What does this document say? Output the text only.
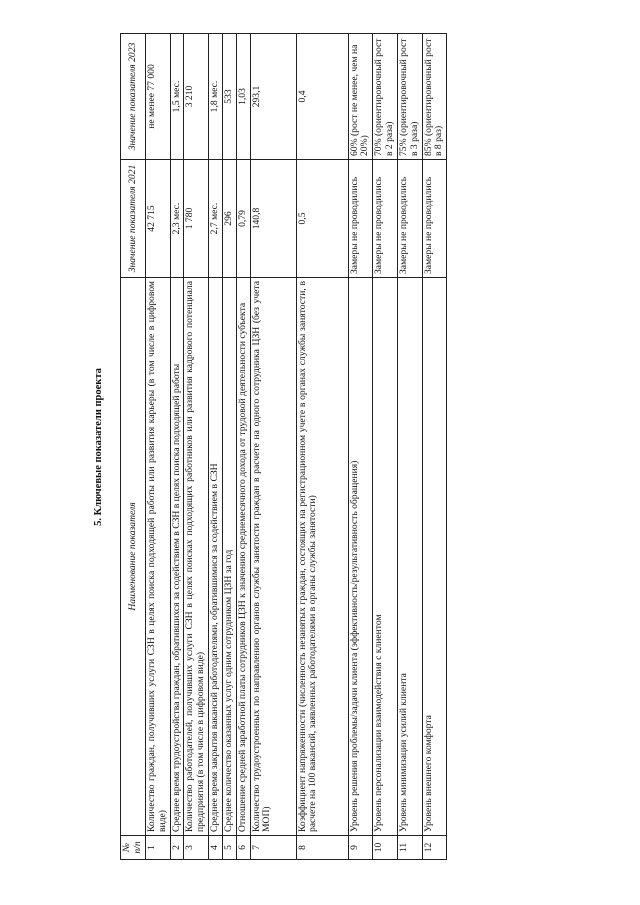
5. Ключевые показатели проекта
№ п/п	Наименование показателя	Значение показателя 2021	Значение показателя 2023
1	Количество граждан, получивших услуги СЗН в целях поиска подходящей работы или развития карьеры (в том числе в цифровом виде)	42 715	не менее 77 000
2	Среднее время трудоустройства граждан, обратившихся за содействием в СЗН в целях поиска подходящей работы	2,3 мес.	1,5 мес.
3	Количество работодателей, получивших услуги СЗН в целях поисках подходящих работников или развития кадрового потенциала предприятия (в том числе в цифровом виде)	1 780	3 210
4	Среднее время закрытия вакансий работодателями, обратившимися за содействием в СЗН	2,7 мес.	1,8 мес.
5	Среднее количество оказанных услуг одним сотрудником ЦЗН за год	296	533
6	Отношение средней заработной платы сотрудников ЦЗН к значению среднемесячного дохода от трудовой деятельности субъекта	0,79	1,03
7	Количество трудоустроенных по направлению органов службы занятости граждан в расчете на одного сотрудника ЦЗН (без учета МОП)	140,8	293,1
8	Коэффициент напряженности (численность незанятых граждан, состоящих на регистрационном учете в органах службы занятости, в расчете на 100 вакансий, заявленных работодателями в органы службы занятости)	0,5	0,4
9	Уровень решения проблемы/задачи клиента (эффективность/результативность обращения)	Замеры не проводились	60% (рост не менее, чем на 20%)
10	Уровень персонализации взаимодействия с клиентом	Замеры не проводились	70% (ориентировочный рост в 2 раза)
11	Уровень минимизации усилий клиента	Замеры не проводились	75% (ориентировочный рост в 3 раза)
12	Уровень внешнего комфорта	Замеры не проводились	85% (ориентировочный рост в 8 раз)
